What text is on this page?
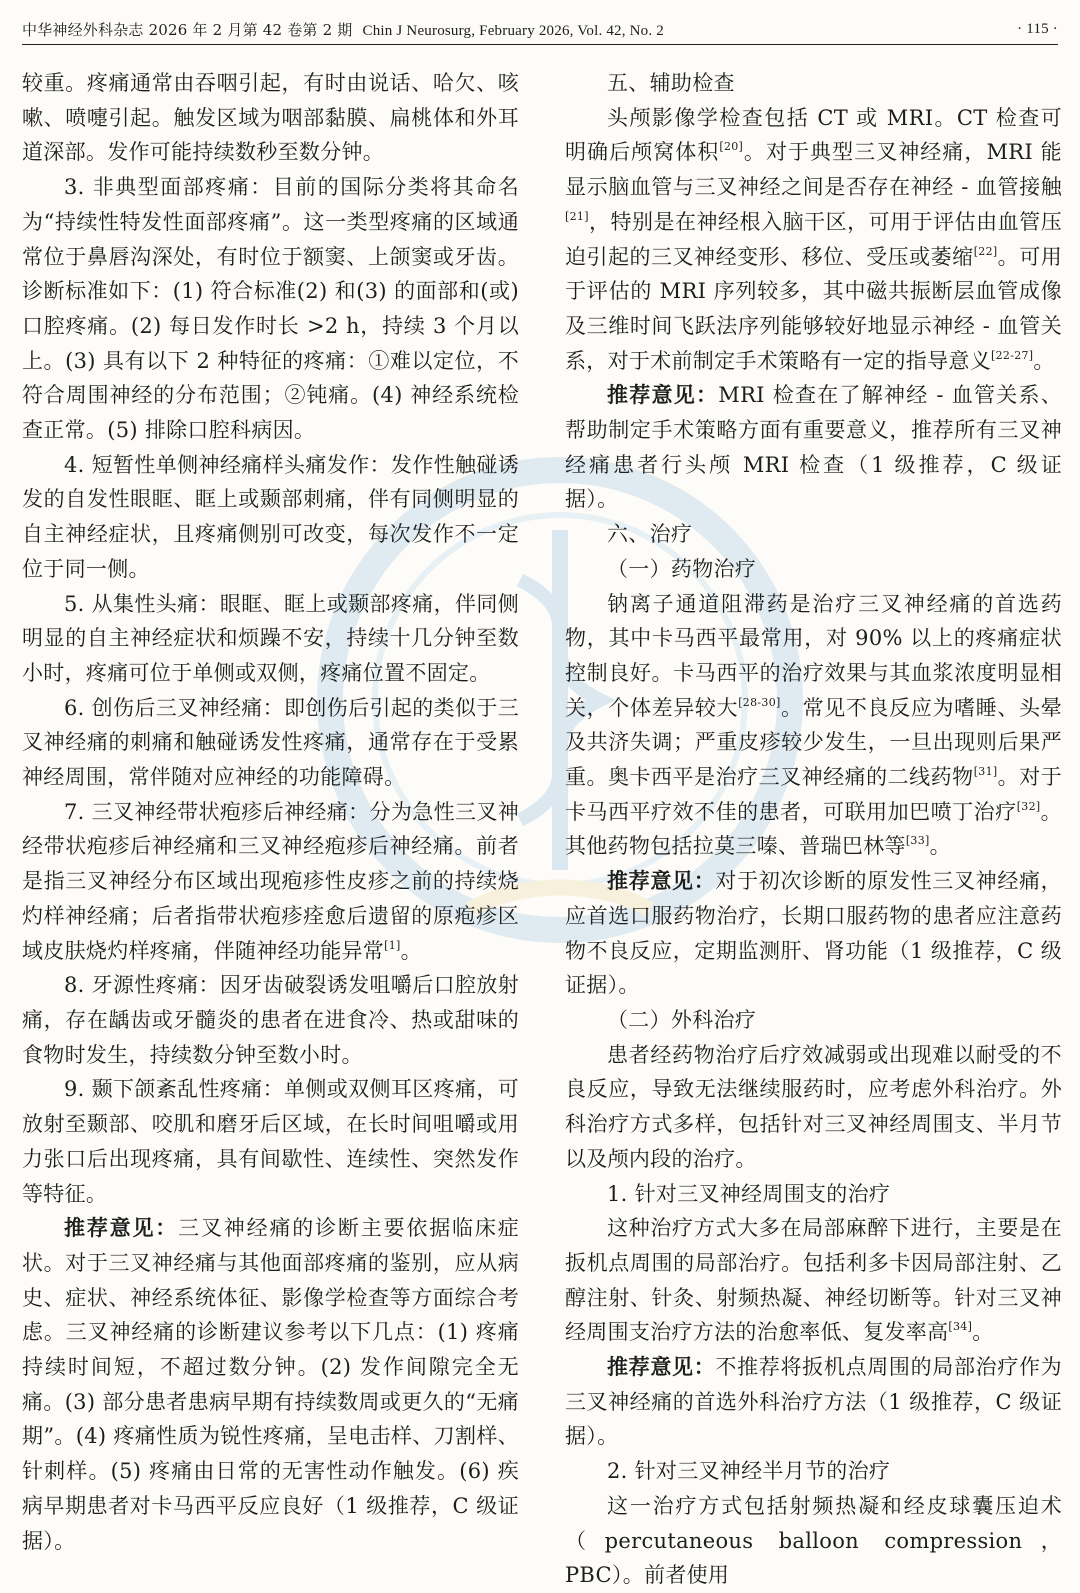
中华神经外科杂志 2026 年 2 月第 42 卷第 2 期 Chin J Neurosurg, February 2026, Vol. 42, No. 2	· 115 ·

较重。疼痛通常由吞咽引起，有时由说话、哈欠、咳嗽、喷嚏引起。触发区域为咽部黏膜、扁桃体和外耳道深部。发作可能持续数秒至数分钟。

3. 非典型面部疼痛：目前的国际分类将其命名为“持续性特发性面部疼痛”。这一类型疼痛的区域通常位于鼻唇沟深处，有时位于额窦、上颌窦或牙齿。诊断标准如下：(1) 符合标准(2) 和(3) 的面部和(或) 口腔疼痛。(2) 每日发作时长 >2 h，持续 3 个月以上。(3) 具有以下 2 种特征的疼痛：①难以定位，不符合周围神经的分布范围；②钝痛。(4) 神经系统检查正常。(5) 排除口腔科病因。

4. 短暂性单侧神经痛样头痛发作：发作性触碰诱发的自发性眼眶、眶上或颞部刺痛，伴有同侧明显的自主神经症状，且疼痛侧别可改变，每次发作不一定位于同一侧。

5. 从集性头痛：眼眶、眶上或颞部疼痛，伴同侧明显的自主神经症状和烦躁不安，持续十几分钟至数小时，疼痛可位于单侧或双侧，疼痛位置不固定。

6. 创伤后三叉神经痛：即创伤后引起的类似于三叉神经痛的刺痛和触碰诱发性疼痛，通常存在于受累神经周围，常伴随对应神经的功能障碍。

7. 三叉神经带状疱疹后神经痛：分为急性三叉神经带状疱疹后神经痛和三叉神经疱疹后神经痛。前者是指三叉神经分布区域出现疱疹性皮疹之前的持续烧灼样神经痛；后者指带状疱疹痊愈后遗留的原疱疹区域皮肤烧灼样疼痛，伴随神经功能异常[1]。

8. 牙源性疼痛：因牙齿破裂诱发咀嚼后口腔放射痛，存在龋齿或牙髓炎的患者在进食冷、热或甜味的食物时发生，持续数分钟至数小时。

9. 颞下颌紊乱性疼痛：单侧或双侧耳区疼痛，可放射至颞部、咬肌和磨牙后区域，在长时间咀嚼或用力张口后出现疼痛，具有间歇性、连续性、突然发作等特征。

推荐意见：三叉神经痛的诊断主要依据临床症状。对于三叉神经痛与其他面部疼痛的鉴别，应从病史、症状、神经系统体征、影像学检查等方面综合考虑。三叉神经痛的诊断建议参考以下几点：(1) 疼痛持续时间短，不超过数分钟。(2) 发作间隙完全无痛。(3) 部分患者患病早期有持续数周或更久的“无痛期”。(4) 疼痛性质为锐性疼痛，呈电击样、刀割样、针刺样。(5) 疼痛由日常的无害性动作触发。(6) 疾病早期患者对卡马西平反应良好（1 级推荐，C 级证据）。

五、辅助检查

头颅影像学检查包括 CT 或 MRI。CT 检查可明确后颅窝体积[20]。对于典型三叉神经痛，MRI 能显示脑血管与三叉神经之间是否存在神经 - 血管接触[21]，特别是在神经根入脑干区，可用于评估由血管压迫引起的三叉神经变形、移位、受压或萎缩[22]。可用于评估的 MRI 序列较多，其中磁共振断层血管成像及三维时间飞跃法序列能够较好地显示神经 - 血管关系，对于术前制定手术策略有一定的指导意义[22-27]。

推荐意见：MRI 检查在了解神经 - 血管关系、帮助制定手术策略方面有重要意义，推荐所有三叉神经痛患者行头颅 MRI 检查（1 级推荐，C 级证据）。

六、治疗

（一）药物治疗

钠离子通道阻滞药是治疗三叉神经痛的首选药物，其中卡马西平最常用，对 90% 以上的疼痛症状控制良好。卡马西平的治疗效果与其血浆浓度明显相关，个体差异较大[28-30]。常见不良反应为嗜睡、头晕及共济失调；严重皮疹较少发生，一旦出现则后果严重。奥卡西平是治疗三叉神经痛的二线药物[31]。对于卡马西平疗效不佳的患者，可联用加巴喷丁治疗[32]。其他药物包括拉莫三嗪、普瑞巴林等[33]。

推荐意见：对于初次诊断的原发性三叉神经痛，应首选口服药物治疗，长期口服药物的患者应注意药物不良反应，定期监测肝、肾功能（1 级推荐，C 级证据）。

（二）外科治疗

患者经药物治疗后疗效减弱或出现难以耐受的不良反应，导致无法继续服药时，应考虑外科治疗。外科治疗方式多样，包括针对三叉神经周围支、半月节以及颅内段的治疗。

1. 针对三叉神经周围支的治疗

这种治疗方式大多在局部麻醉下进行，主要是在扳机点周围的局部治疗。包括利多卡因局部注射、乙醇注射、针灸、射频热凝、神经切断等。针对三叉神经周围支治疗方法的治愈率低、复发率高[34]。

推荐意见：不推荐将扳机点周围的局部治疗作为三叉神经痛的首选外科治疗方法（1 级推荐，C 级证据）。

2. 针对三叉神经半月节的治疗

这一治疗方式包括射频热凝和经皮球囊压迫术（percutaneous balloon compression，PBC）。前者使用
